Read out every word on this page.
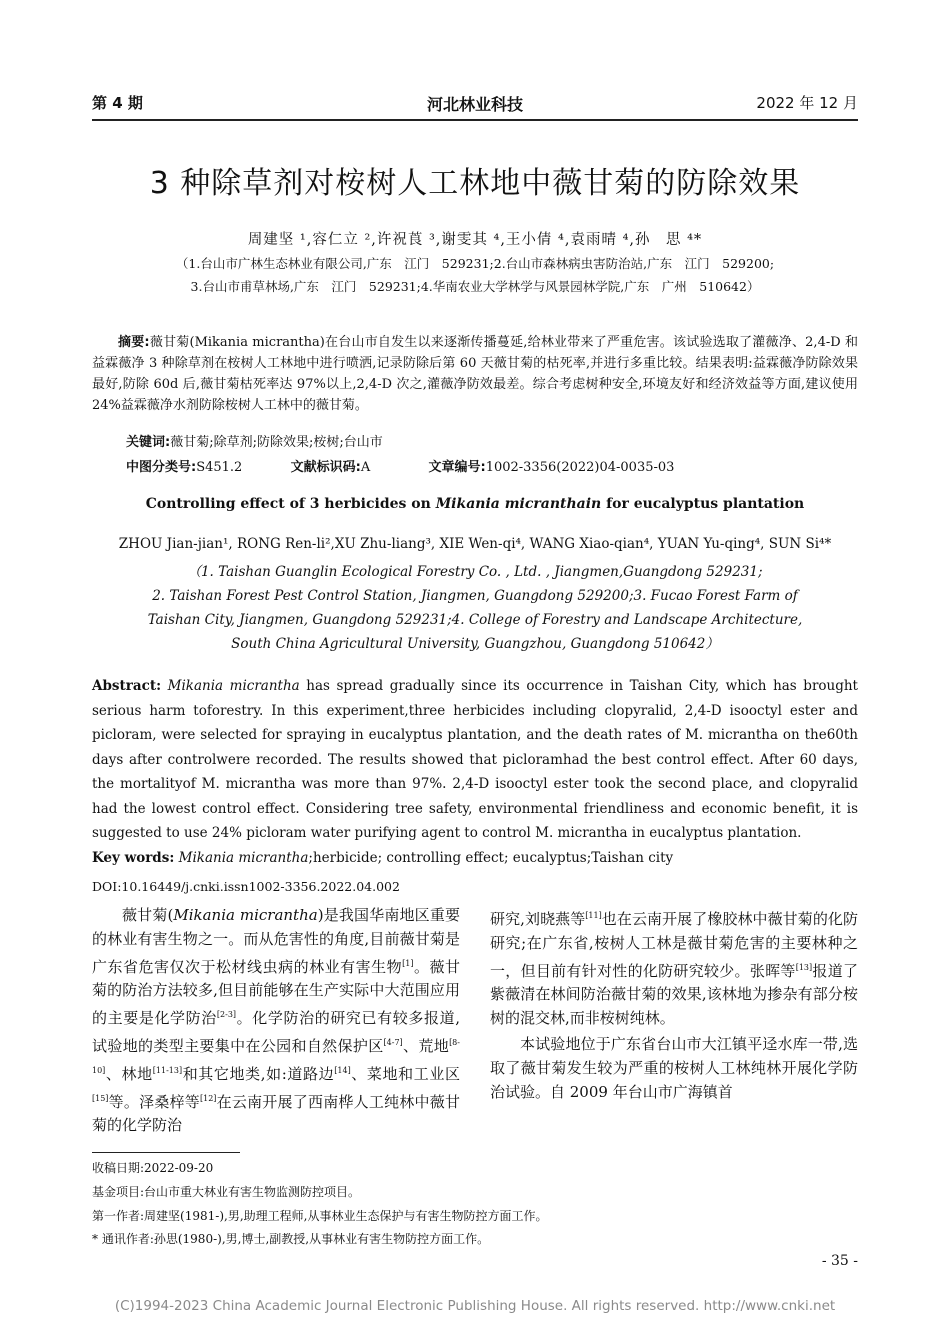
第 4 期	河北林业科技	2022 年 12 月
3 种除草剂对桉树人工林地中薇甘菊的防除效果
周建坚 ¹,容仁立 ²,许祝莨 ³,谢雯其 ⁴,王小倩 ⁴,袁雨晴 ⁴,孙　思 ⁴*
（1.台山市广林生态林业有限公司,广东　江门　529231;2.台山市森林病虫害防治站,广东　江门　529200;
3.台山市甫草林场,广东　江门　529231;4.华南农业大学林学与风景园林学院,广东　广州　510642）
摘要:薇甘菊(Mikania micrantha)在台山市自发生以来逐渐传播蔓延,给林业带来了严重危害。该试验选取了灌薇净、2,4-D 和益霖薇净 3 种除草剂在桉树人工林地中进行喷洒,记录防除后第 60 天薇甘菊的枯死率,并进行多重比较。结果表明:益霖薇净防除效果最好,防除 60d 后,薇甘菊枯死率达 97%以上,2,4-D 次之,灌薇净防效最差。综合考虑树种安全,环境友好和经济效益等方面,建议使用 24%益霖薇净水剂防除桉树人工林中的薇甘菊。
关键词:薇甘菊;除草剂;防除效果;桉树;台山市
中图分类号:S451.2	文献标识码:A	文章编号:1002-3356(2022)04-0035-03
Controlling effect of 3 herbicides on Mikania micranthain for eucalyptus plantation
ZHOU Jian-jian¹, RONG Ren-li²,XU Zhu-liang³, XIE Wen-qi⁴, WANG Xiao-qian⁴, YUAN Yu-qing⁴, SUN Si⁴*
（1. Taishan Guanglin Ecological Forestry Co. , Ltd. , Jiangmen,Guangdong 529231;
2. Taishan Forest Pest Control Station, Jiangmen, Guangdong 529200;3. Fucao Forest Farm of
Taishan City, Jiangmen, Guangdong 529231;4. College of Forestry and Landscape Architecture,
South China Agricultural University, Guangzhou, Guangdong 510642）
Abstract: Mikania micrantha has spread gradually since its occurrence in Taishan City, which has brought serious harm toforestry. In this experiment,three herbicides including clopyralid, 2,4-D isooctyl ester and picloram, were selected for spraying in eucalyptus plantation, and the death rates of M. micrantha on the60th days after controlwere recorded. The results showed that picloramhad the best control effect. After 60 days, the mortalityof M. micrantha was more than 97%. 2,4-D isooctyl ester took the second place, and clopyralid had the lowest control effect. Considering tree safety, environmental friendliness and economic benefit, it is suggested to use 24% picloram water purifying agent to control M. micrantha in eucalyptus plantation.
Key words: Mikania micrantha;herbicide; controlling effect; eucalyptus;Taishan city
DOI:10.16449/j.cnki.issn1002-3356.2022.04.002
薇甘菊(Mikania micrantha)是我国华南地区重要的林业有害生物之一。而从危害性的角度,目前薇甘菊是广东省危害仅次于松材线虫病的林业有害生物[1]。薇甘菊的防治方法较多,但目前能够在生产实际中大范围应用的主要是化学防治[2-3]。化学防治的研究已有较多报道,试验地的类型主要集中在公园和自然保护区[4-7]、荒地[8-10]、林地[11-13]和其它地类,如:道路边[14]、菜地和工业区[15]等。泽桑梓等[12]在云南开展了西南桦人工纯林中薇甘菊的化学防治

研究,刘晓燕等[11]也在云南开展了橡胶林中薇甘菊的化防研究;在广东省,桉树人工林是薇甘菊危害的主要林种之一，但目前有针对性的化防研究较少。张晖等[13]报道了紫薇清在林间防治薇甘菊的效果,该林地为掺杂有部分桉树的混交林,而非桉树纯林。

本试验地位于广东省台山市大江镇平迳水库一带,选取了薇甘菊发生较为严重的桉树人工林纯林开展化学防治试验。自 2009 年台山市广海镇首

收稿日期:2022-09-20
基金项目:台山市重大林业有害生物监测防控项目。
第一作者:周建坚(1981-),男,助理工程师,从事林业生态保护与有害生物防控方面工作。
* 通讯作者:孙思(1980-),男,博士,副教授,从事林业有害生物防控方面工作。
- 35 -
(C)1994-2023 China Academic Journal Electronic Publishing House. All rights reserved. http://www.cnki.net
